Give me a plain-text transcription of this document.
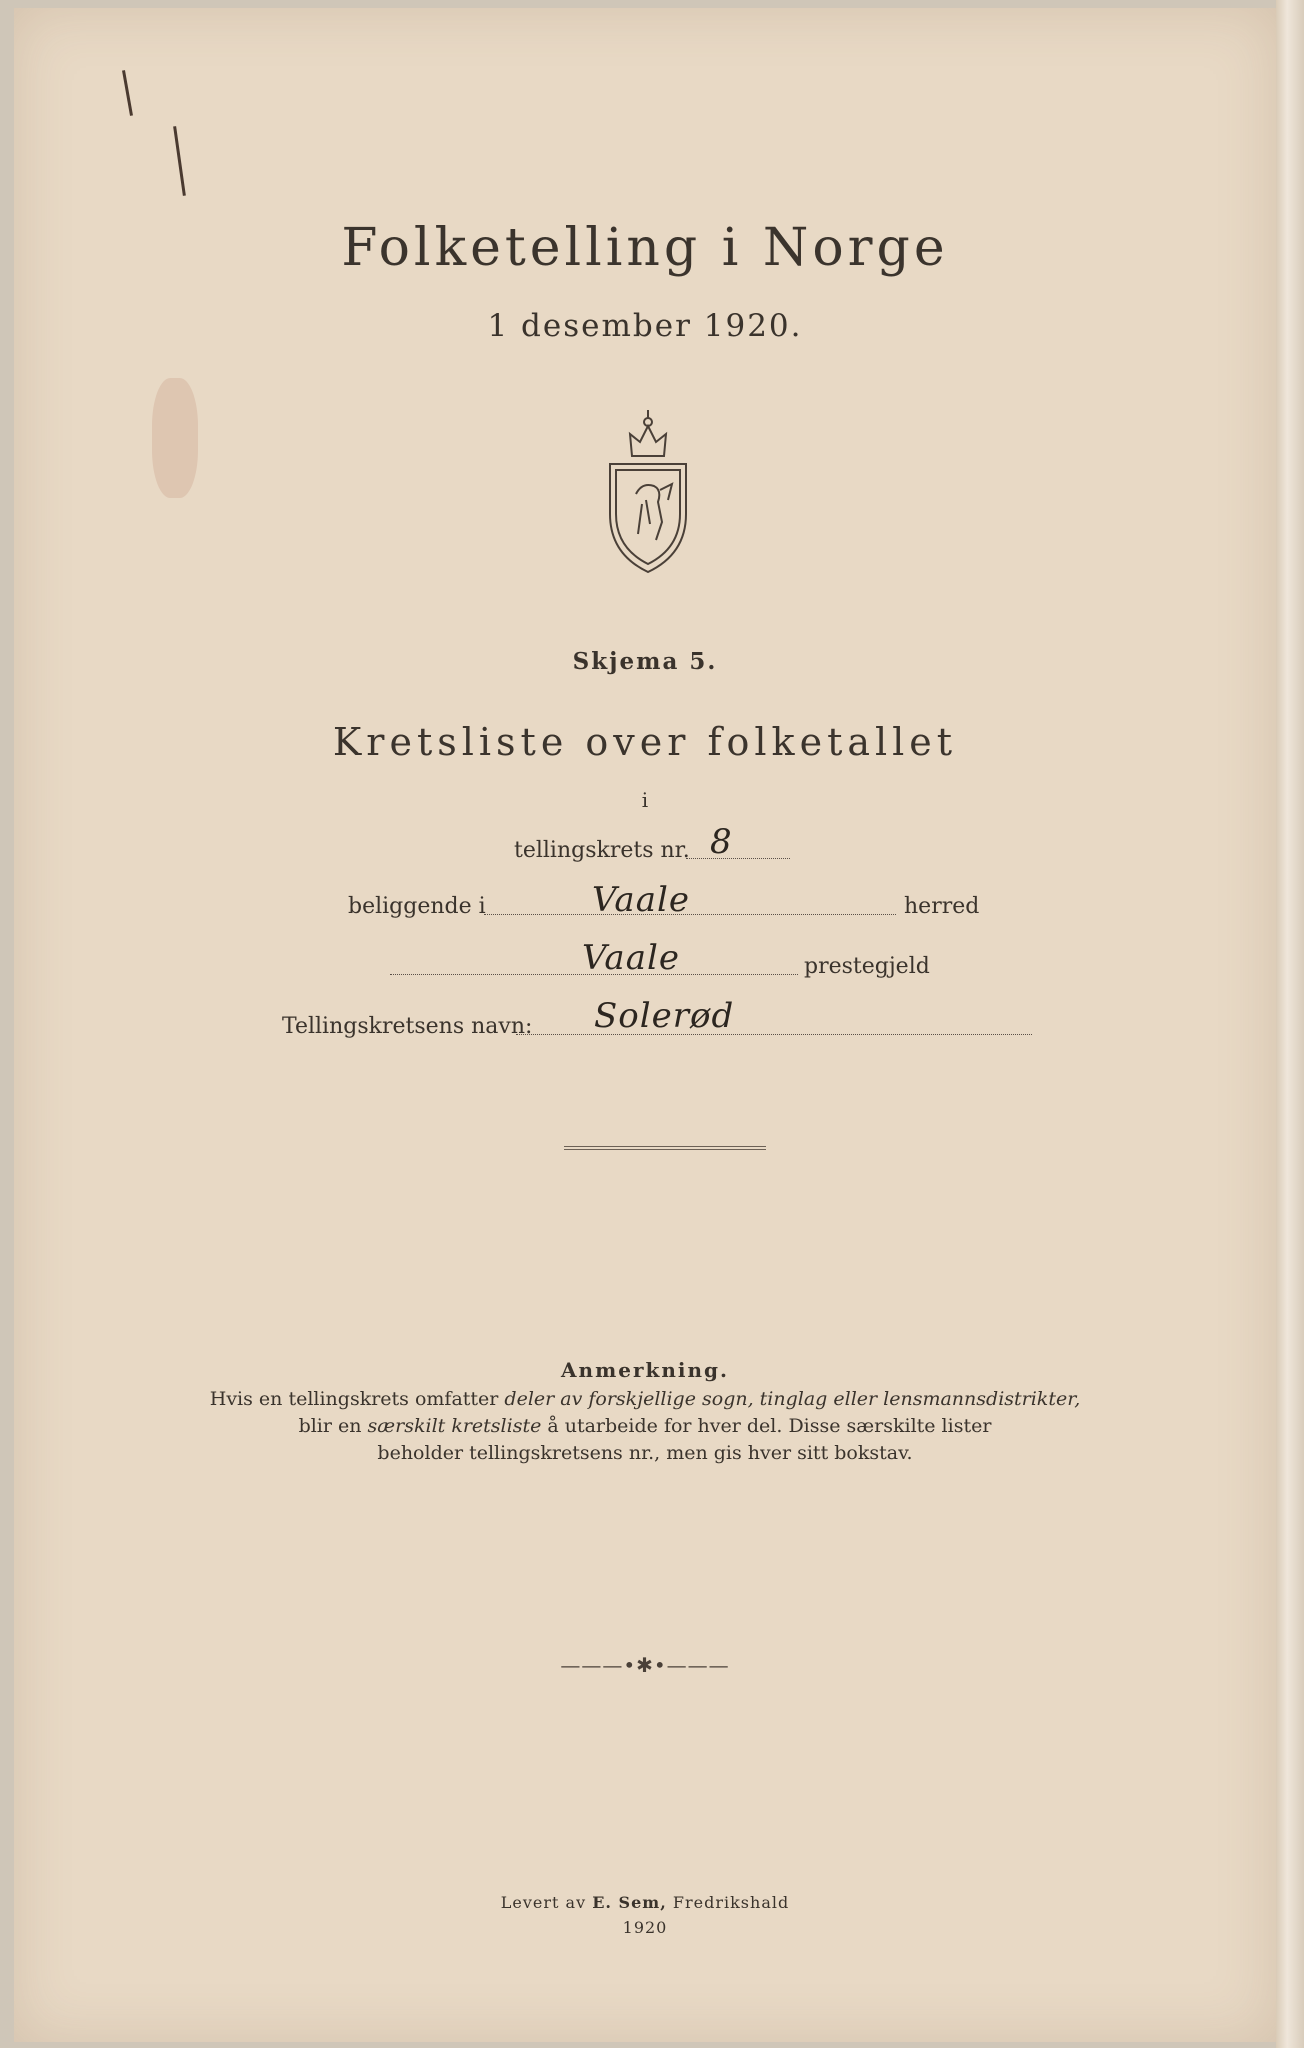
Folketelling i Norge
1 desember 1920.
Skjema 5.
Kretsliste over folketallet
i
tellingskrets nr. 8
beliggende i	Vaale	herred
Vaale	prestegjeld
Tellingskretsens navn: Solerød
Anmerkning.
Hvis en tellingskrets omfatter deler av forskjellige sogn, tinglag eller lensmannsdistrikter,
blir en særskilt kretsliste å utarbeide for hver del. Disse særskilte lister
beholder tellingskretsens nr., men gis hver sitt bokstav.
———•✱•———
Levert av E. Sem, Fredrikshald
1920
